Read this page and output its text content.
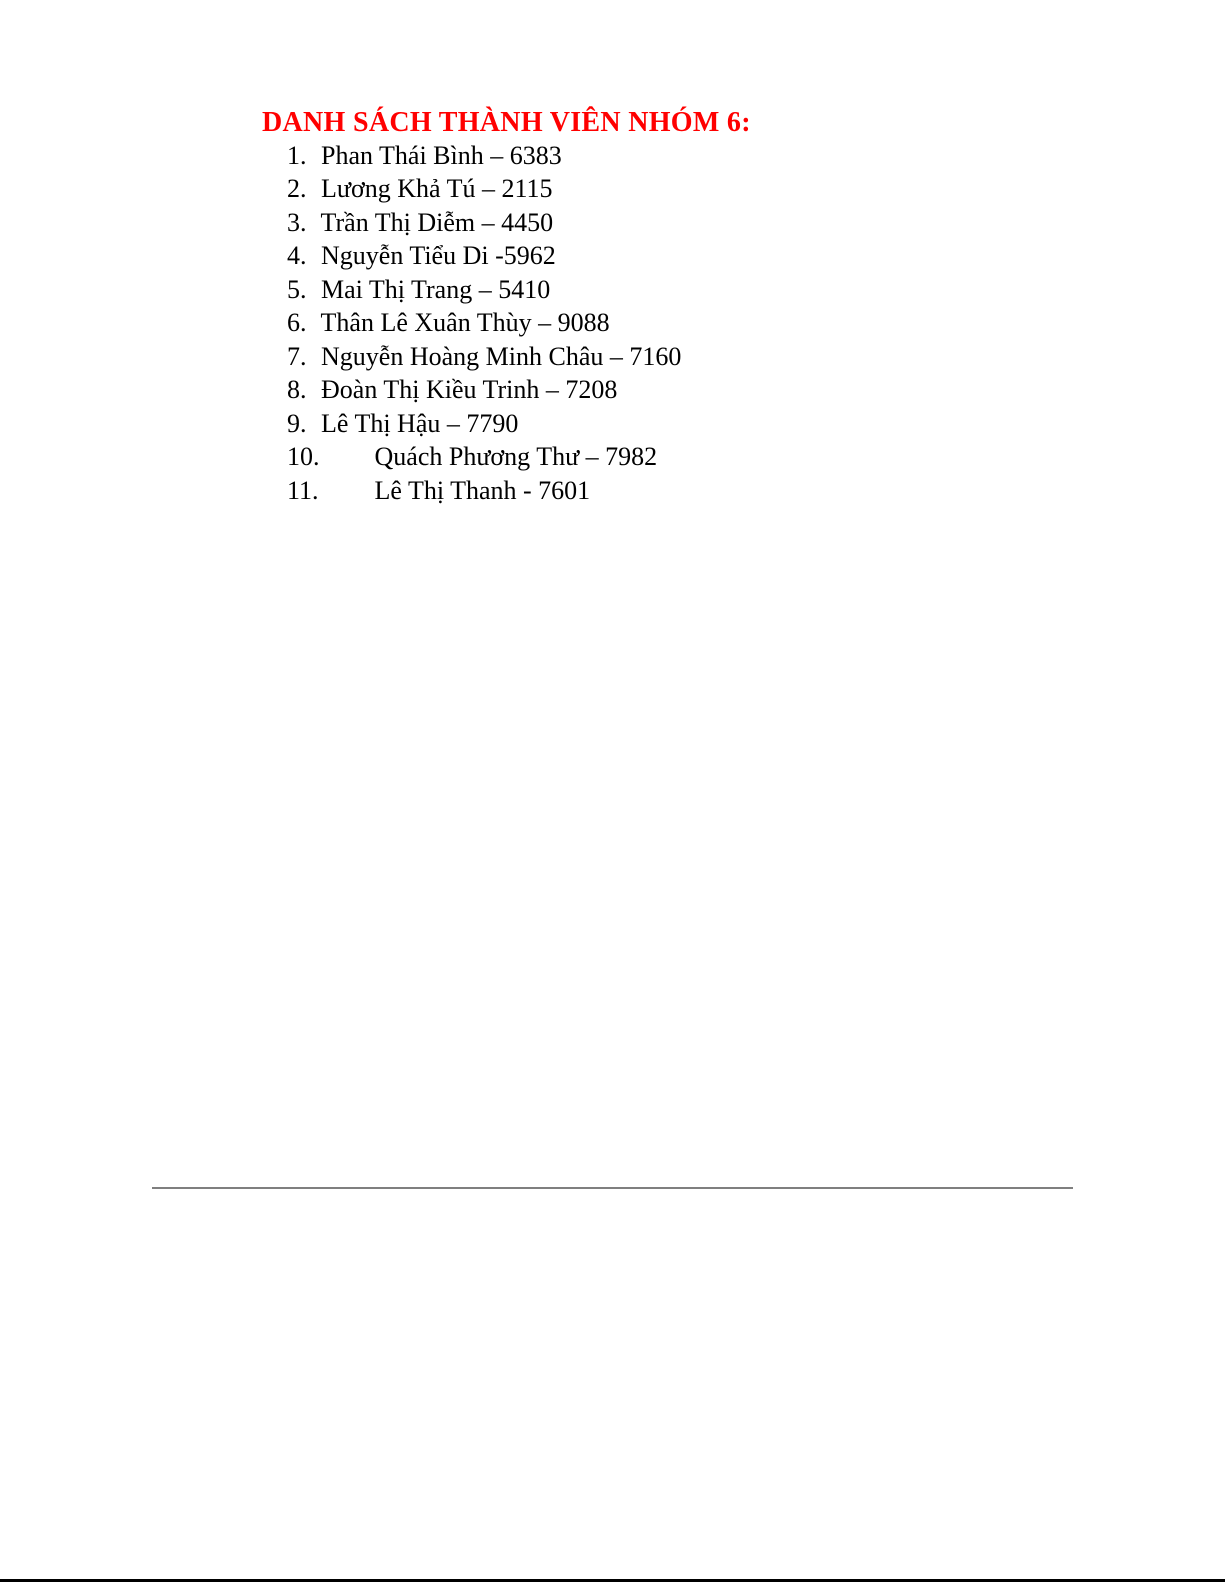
DANH SÁCH THÀNH VIÊN NHÓM 6:
1. Phan Thái Bình – 6383
2. Lương Khả Tú – 2115
3. Trần Thị Diễm – 4450
4. Nguyễn Tiểu Di -5962
5. Mai Thị Trang – 5410
6. Thân Lê Xuân Thùy – 9088
7. Nguyễn Hoàng Minh Châu – 7160
8. Đoàn Thị Kiều Trinh – 7208
9. Lê Thị Hậu – 7790
10. Quách Phương Thư – 7982
11. Lê Thị Thanh - 7601
